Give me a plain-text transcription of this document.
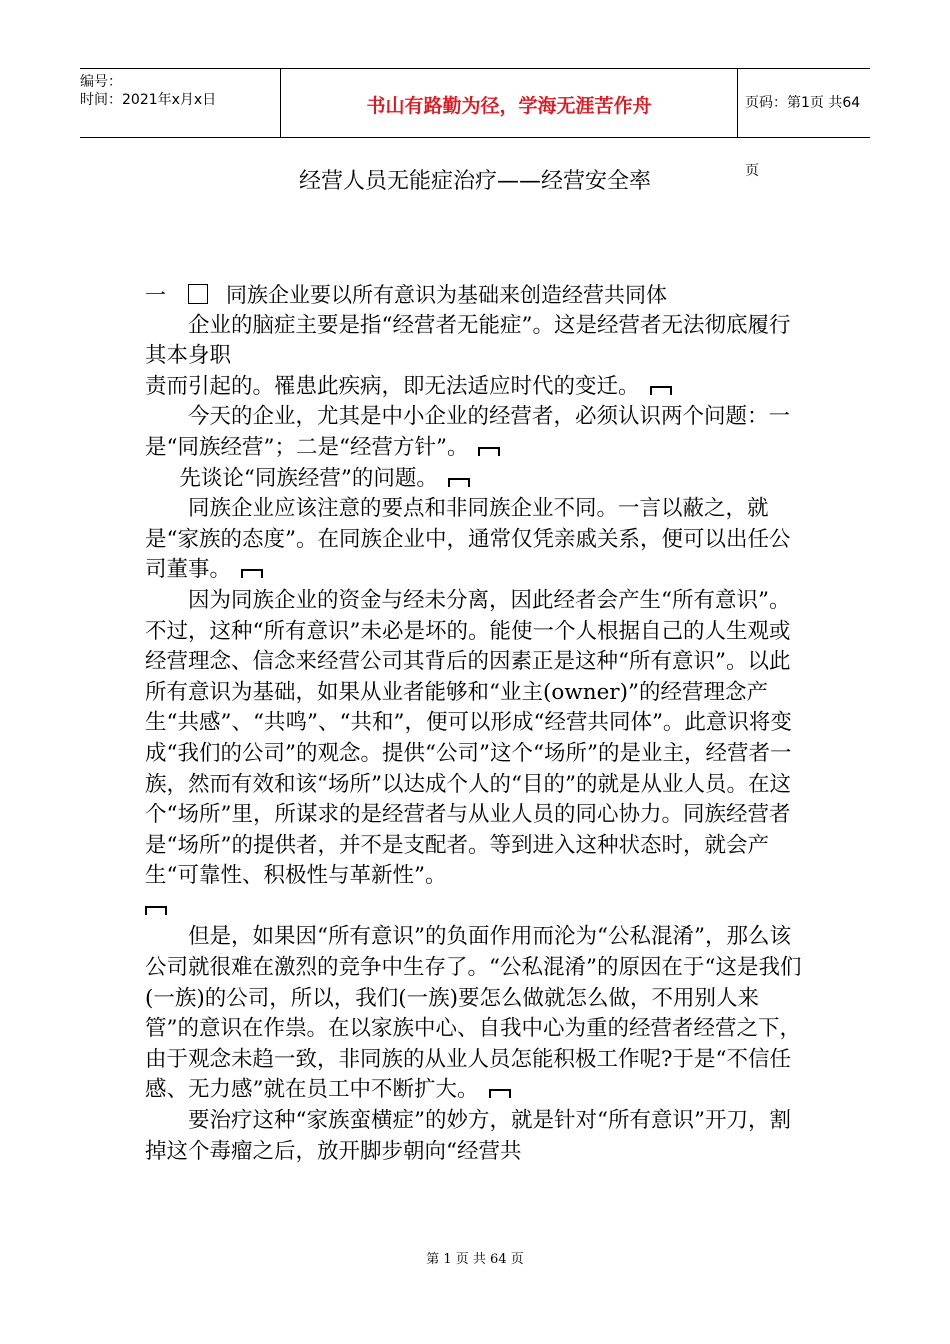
编号：
时间：2021年x月x日	书山有路勤为径，学海无涯苦作舟	页码：第1页 共64页
经营人员无能症治疗——经营安全率

一	同族企业要以所有意识为基础来创造经营共同体

企业的脑症主要是指“经营者无能症”。这是经营者无法彻底履行其本身职

责而引起的。罹患此疾病，即无法适应时代的变迁。

今天的企业，尤其是中小企业的经营者，必须认识两个问题：一是“同族经营”；二是“经营方针”。

先谈论“同族经营”的问题。

同族企业应该注意的要点和非同族企业不同。一言以蔽之，就是“家族的态度”。在同族企业中，通常仅凭亲戚关系，便可以出任公司董事。

因为同族企业的资金与经未分离，因此经者会产生“所有意识”。不过，这种“所有意识”未必是坏的。能使一个人根据自己的人生观或经营理念、信念来经营公司其背后的因素正是这种“所有意识”。以此所有意识为基础，如果从业者能够和“业主(owner)”的经营理念产生“共感”、“共鸣”、“共和”，便可以形成“经营共同体”。此意识将变成“我们的公司”的观念。提供“公司”这个“场所”的是业主，经营者一族，然而有效和该“场所”以达成个人的“目的”的就是从业人员。在这个“场所”里，所谋求的是经营者与从业人员的同心协力。同族经营者是“场所”的提供者，并不是支配者。等到进入这种状态时，就会产生“可靠性、积极性与革新性”。

但是，如果因“所有意识”的负面作用而沦为“公私混淆”，那么该公司就很难在激烈的竞争中生存了。“公私混淆”的原因在于“这是我们(一族)的公司，所以，我们(一族)要怎么做就怎么做，不用别人来管”的意识在作祟。在以家族中心、自我中心为重的经营者经营之下，由于观念未趋一致，非同族的从业人员怎能积极工作呢?于是“不信任感、无力感”就在员工中不断扩大。

要治疗这种“家族蛮横症”的妙方，就是针对“所有意识”开刀，割掉这个毒瘤之后，放开脚步朝向“经营共

第 1 页 共 64 页
